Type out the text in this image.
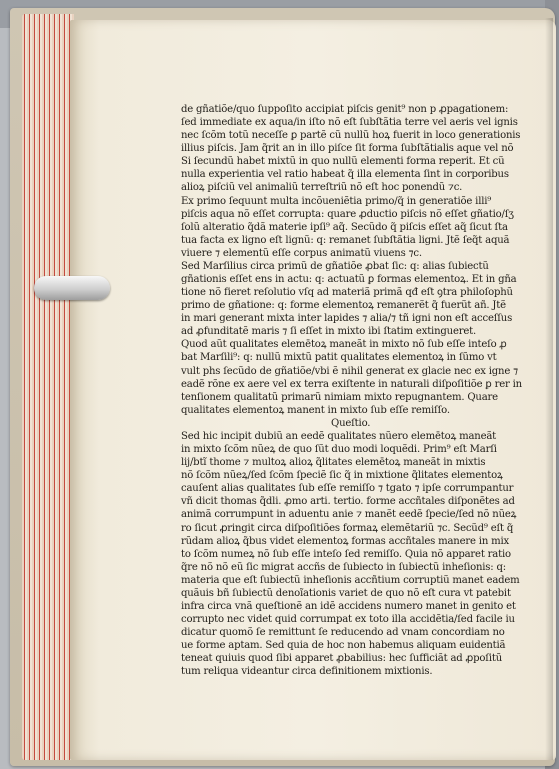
de gñatiõe/quo ſuppoſito accipiat piſcis genit⁹ non p ꝓpagationem:
ſed immediate ex aqua/in iſto nõ eſt ſubſtãtia terre vel aeris vel ignis
nec ſcõm totũ neceſſe ꝑ partẽ cũ nullũ hoꝝ fuerit in loco generationis
illius piſcis. Jam q̃rit an in illo piſce ſit forma ſubſtãtialis aque vel nõ
Si ſecundũ habet mixtũ in quo nullũ elementi forma reperit. Et cũ
nulla experientia vel ratio habeat q̃ illa elementa ſint in corporibus
alioꝝ piſciũ vel animaliũ terreſtriũ nõ eſt hoc ponendũ ⁊c.
Ex primo ſequunt multa incõueniẽtia primo/q̃ in generatiõe illi⁹
piſcis aqua nõ eſſet corrupta: quare ꝓductio piſcis nõ eſſet gñatio/ſʒ
ſolũ alteratio q̃dã materie ipſi⁹ aq̃. Secũdo q̃ piſcis eſſet aq̃ ſicut ſta
tua facta ex ligno eſt lignũ: q: remanet ſubſtãtia ligni. Jtẽ ſeq̃t aquã
viuere ⁊ elementũ eſſe corpus animatũ viuens ⁊c.
Sed Marſilius circa primũ de gñatiõe ꝓbat ſic: q: alias ſubiectũ
gñationis eſſet ens in actu: q: actuatũ ꝑ formas elementoꝝ. Et in gña
tione nõ fieret reſolutio vſq ad materiã primã qđ eſt ꝯtra philoſophũ
primo de gñatione: q: forme elementoꝝ remanerẽt q̃ fuerũt añ. Jtẽ
in mari generant mixta inter lapides ⁊ alia/⁊ tñ igni non eſt acceſſus
ad ꝓfunditatẽ maris ⁊ ſi eſſet in mixto ibi ſtatim extingueret.
Quod aũt qualitates elemētoꝝ maneãt in mixto nõ ſub eſſe inteſo ꝓ
bat Marſili⁹: q: nullũ mixtũ patit qualitates elementoꝝ in ſũmo vt
vult phs ſecũdo de gñatiõe/vbi ẽ nihil generat ex glacie nec ex igne ⁊
eadẽ rõne ex aere vel ex terra exiſtente in naturali diſpoſitiõe ꝑ rer in
tenſionem qualitatũ primarũ nimiam mixto repugnantem. Quare
qualitates elementoꝝ manent in mixto ſub eſſe remiſſo.
Queſtio.
Sed hic incipit dubiũ an eedẽ qualitates nũero elemētoꝝ maneãt
in mixto ſcõm nũeꝝ de quo ſũt duo modi loquẽdi. Prim⁹ eſt Marſi
lij/btĩ thome ⁊ multoꝝ alioꝝ q̃litates elemētoꝝ maneãt in mixtis
nõ ſcõm nũeꝝ/ſed ſcõm ſpeciẽ ſic q̃ in mixtione q̃litates elementoꝝ
cauſent alias qualitates ſub eſſe remiſſo ⁊ tgato ⁊ ipſe corrumpantur
vñ dicit thomas q̃dli. ꝓmo arti. tertio. forme accñtales diſponẽtes ad
animã corrumpunt in aduentu anie ⁊ manẽt eedẽ ſpecie/ſed nõ nũeꝝ
ro ſicut ꝓringit circa diſpoſitiões formaꝝ elemẽtariũ ⁊c. Secũd⁹ eſt q̃
rũdam alioꝝ q̃bus videt elementoꝝ formas accñtales manere in mix
to ſcõm numeꝝ nõ ſub eſſe inteſo ſed remiſſo. Quia nõ apparet ratio
q̃re nõ nõ eũ ſic migrat accñs de ſubiecto in ſubiectũ inheſionis: q:
materia que eſt ſubiectũ inheſionis accñtium corruptiũ manet eadem
quãuis bñ ſubiectũ denoĩationis variet de quo nõ eſt cura vt patebit
infra circa vnã queſtionẽ an idẽ accidens numero manet in genito et
corrupto nec videt quid corrumpat ex toto illa accidẽtia/ſed facile iu
dicatur quomõ ſe remittunt ſe reducendo ad vnam concordiam no
ue forme aptam. Sed quia de hoc non habemus aliquam euidentiã
teneat quiuis quod ſibi apparet ꝓbabilius: hec ſufficiãt ad ꝓpoſitũ
tum reliqua videantur circa definitionem mixtionis.
